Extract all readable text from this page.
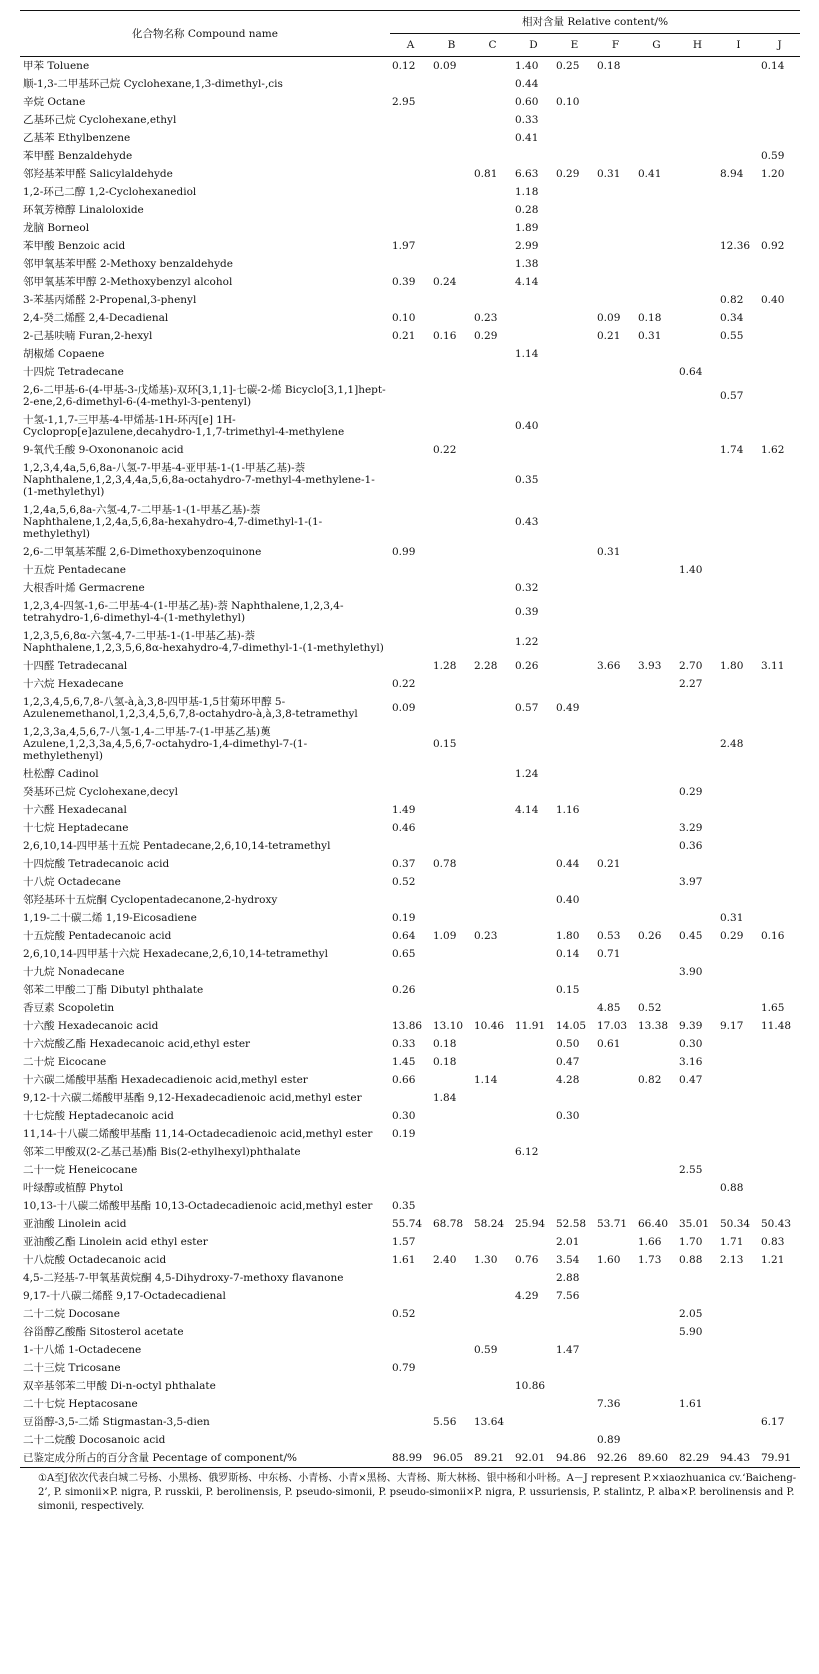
化合物名称 Compound name	相对含量 Relative content/%									
	A	B	C	D	E	F	G	H	I	J
甲苯 Toluene	0.12	0.09		1.40	0.25	0.18				0.14
顺-1,3-二甲基环己烷 Cyclohexane,1,3-dimethyl-,cis				0.44						
辛烷 Octane	2.95			0.60	0.10					
乙基环己烷 Cyclohexane,ethyl				0.33						
乙基苯 Ethylbenzene				0.41						
苯甲醛 Benzaldehyde										0.59
邻羟基苯甲醛 Salicylaldehyde			0.81	6.63	0.29	0.31	0.41		8.94	1.20
1,2-环己二醇 1,2-Cyclohexanediol				1.18						
环氧芳樟醇 Linaloloxide				0.28						
龙脑 Borneol				1.89						
苯甲酸 Benzoic acid	1.97			2.99					12.36	0.92
邻甲氧基苯甲醛 2-Methoxy benzaldehyde				1.38						
邻甲氧基苯甲醇 2-Methoxybenzyl alcohol	0.39	0.24		4.14						
3-苯基丙烯醛 2-Propenal,3-phenyl									0.82	0.40
2,4-癸二烯醛 2,4-Decadienal	0.10		0.23			0.09	0.18		0.34	
2-己基呋喃 Furan,2-hexyl	0.21	0.16	0.29			0.21	0.31		0.55	
胡椒烯 Copaene				1.14						
十四烷 Tetradecane								0.64		
2,6-二甲基-6-(4-甲基-3-戊烯基)-双环[3,1,1]-七碳-2-烯 Bicyclo[3,1,1]hept-2-ene,2,6-dimethyl-6-(4-methyl-3-pentenyl)									0.57	
十氢-1,1,7-三甲基-4-甲烯基-1H-环丙[e] 1H-Cycloprop[e]azulene,decahydro-1,1,7-trimethyl-4-methylene				0.40						
9-氧代壬酸 9-Oxononanoic acid		0.22							1.74	1.62
1,2,3,4,4a,5,6,8a-八氢-7-甲基-4-亚甲基-1-(1-甲基乙基)-萘 Naphthalene,1,2,3,4,4a,5,6,8a-octahydro-7-methyl-4-methylene-1-(1-methylethyl)				0.35						
1,2,4a,5,6,8a-六氢-4,7-二甲基-1-(1-甲基乙基)-萘 Naphthalene,1,2,4a,5,6,8a-hexahydro-4,7-dimethyl-1-(1-methylethyl)				0.43						
2,6-二甲氧基苯醌 2,6-Dimethoxybenzoquinone	0.99					0.31				
十五烷 Pentadecane								1.40		
大根香叶烯 Germacrene				0.32						
1,2,3,4-四氢-1,6-二甲基-4-(1-甲基乙基)-萘 Naphthalene,1,2,3,4-tetrahydro-1,6-dimethyl-4-(1-methylethyl)				0.39						
1,2,3,5,6,8α-六氢-4,7-二甲基-1-(1-甲基乙基)-萘 Naphthalene,1,2,3,5,6,8α-hexahydro-4,7-dimethyl-1-(1-methylethyl)				1.22						
十四醛 Tetradecanal		1.28	2.28	0.26		3.66	3.93	2.70	1.80	3.11
十六烷 Hexadecane	0.22							2.27		
1,2,3,4,5,6,7,8-八氢-à,à,3,8-四甲基-1,5甘菊环甲醇 5-Azulenemethanol,1,2,3,4,5,6,7,8-octahydro-à,à,3,8-tetramethyl	0.09			0.57	0.49					
1,2,3,3a,4,5,6,7-八氢-1,4-二甲基-7-(1-甲基乙基)薁 Azulene,1,2,3,3a,4,5,6,7-octahydro-1,4-dimethyl-7-(1-methylethenyl)		0.15							2.48	
杜松醇 Cadinol				1.24						
癸基环己烷 Cyclohexane,decyl								0.29		
十六醛 Hexadecanal	1.49			4.14	1.16					
十七烷 Heptadecane	0.46							3.29		
2,6,10,14-四甲基十五烷 Pentadecane,2,6,10,14-tetramethyl								0.36		
十四烷酸 Tetradecanoic acid	0.37	0.78			0.44	0.21				
十八烷 Octadecane	0.52							3.97		
邻羟基环十五烷酮 Cyclopentadecanone,2-hydroxy					0.40					
1,19-二十碳二烯 1,19-Eicosadiene	0.19								0.31	
十五烷酸 Pentadecanoic acid	0.64	1.09	0.23		1.80	0.53	0.26	0.45	0.29	0.16
2,6,10,14-四甲基十六烷 Hexadecane,2,6,10,14-tetramethyl	0.65				0.14	0.71				
十九烷 Nonadecane								3.90		
邻苯二甲酸二丁酯 Dibutyl phthalate	0.26				0.15					
香豆素 Scopoletin						4.85	0.52			1.65
十六酸 Hexadecanoic acid	13.86	13.10	10.46	11.91	14.05	17.03	13.38	9.39	9.17	11.48
十六烷酸乙酯 Hexadecanoic acid,ethyl ester	0.33	0.18			0.50	0.61		0.30		
二十烷 Eicocane	1.45	0.18			0.47			3.16		
十六碳二烯酸甲基酯 Hexadecadienoic acid,methyl ester	0.66		1.14		4.28		0.82	0.47		
9,12-十六碳二烯酸甲基酯 9,12-Hexadecadienoic acid,methyl ester		1.84								
十七烷酸 Heptadecanoic acid	0.30				0.30					
11,14-十八碳二烯酸甲基酯 11,14-Octadecadienoic acid,methyl ester	0.19									
邻苯二甲酸双(2-乙基己基)酯 Bis(2-ethylhexyl)phthalate				6.12						
二十一烷 Heneicocane								2.55		
叶绿醇或植醇 Phytol									0.88	
10,13-十八碳二烯酸甲基酯 10,13-Octadecadienoic acid,methyl ester	0.35									
亚油酸 Linolein acid	55.74	68.78	58.24	25.94	52.58	53.71	66.40	35.01	50.34	50.43
亚油酸乙酯 Linolein acid ethyl ester	1.57				2.01		1.66	1.70	1.71	0.83
十八烷酸 Octadecanoic acid	1.61	2.40	1.30	0.76	3.54	1.60	1.73	0.88	2.13	1.21
4,5-二羟基-7-甲氧基黄烷酮 4,5-Dihydroxy-7-methoxy flavanone					2.88					
9,17-十八碳二烯醛 9,17-Octadecadienal				4.29	7.56					
二十二烷 Docosane	0.52							2.05		
谷甾醇乙酸酯 Sitosterol acetate								5.90		
1-十八烯 1-Octadecene			0.59		1.47					
二十三烷 Tricosane	0.79									
双辛基邻苯二甲酸 Di-n-octyl phthalate				10.86						
二十七烷 Heptacosane						7.36		1.61		
豆甾醇-3,5-二烯 Stigmastan-3,5-dien		5.56	13.64							6.17
二十二烷酸 Docosanoic acid						0.89				
已鉴定成分所占的百分含量 Pecentage of component/%	88.99	96.05	89.21	92.01	94.86	92.26	89.60	82.29	94.43	79.91
①A至J依次代表白城二号杨、小黑杨、俄罗斯杨、中东杨、小青杨、小青×黑杨、大青杨、斯大林杨、银中杨和小叶杨。A－J represent P.×xiaozhuanica cv.‘Baicheng-2’, P. simonii×P. nigra, P. russkii, P. berolinensis, P. pseudo-simonii, P. pseudo-simonii×P. nigra, P. ussuriensis, P. stalintz, P. alba×P. berolinensis and P. simonii, respectively.
